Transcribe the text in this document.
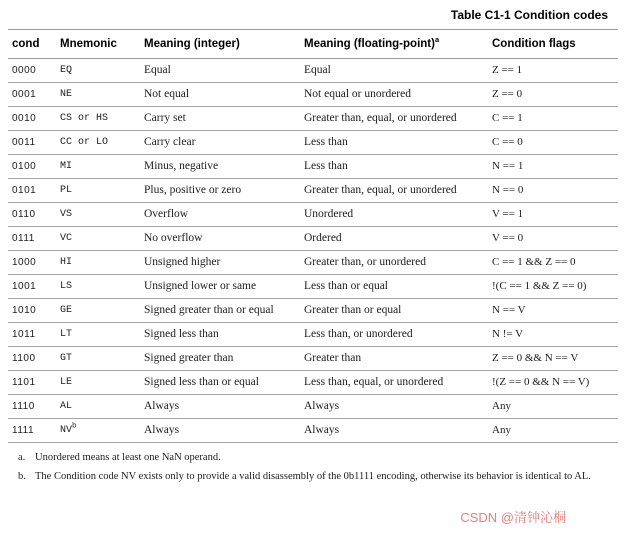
Table C1-1 Condition codes
cond	Mnemonic	Meaning (integer)	Meaning (floating-point)$^a$	Condition flags
0000	EQ	Equal	Equal	Z == 1
0001	NE	Not equal	Not equal or unordered	Z == 0
0010	CS or HS	Carry set	Greater than, equal, or unordered	C == 1
0011	CC or LO	Carry clear	Less than	C == 0
0100	MI	Minus, negative	Less than	N == 1
0101	PL	Plus, positive or zero	Greater than, equal, or unordered	N == 0
0110	VS	Overflow	Unordered	V == 1
0111	VC	No overflow	Ordered	V == 0
1000	HI	Unsigned higher	Greater than, or unordered	C == 1 && Z == 0
1001	LS	Unsigned lower or same	Less than or equal	!(C == 1 && Z == 0)
1010	GE	Signed greater than or equal	Greater than or equal	N == V
1011	LT	Signed less than	Less than, or unordered	N != V
1100	GT	Signed greater than	Greater than	Z == 0 && N == V
1101	LE	Signed less than or equal	Less than, equal, or unordered	!(Z == 0 && N == V)
1110	AL	Always	Always	Any
1111	$NV^b$	Always	Always	Any
a. Unordered means at least one NaN operand.
b. The Condition code NV exists only to provide a valid disassembly of the 0b1111 encoding, otherwise its behavior is identical to AL.
CSDN @清钟沁桐
